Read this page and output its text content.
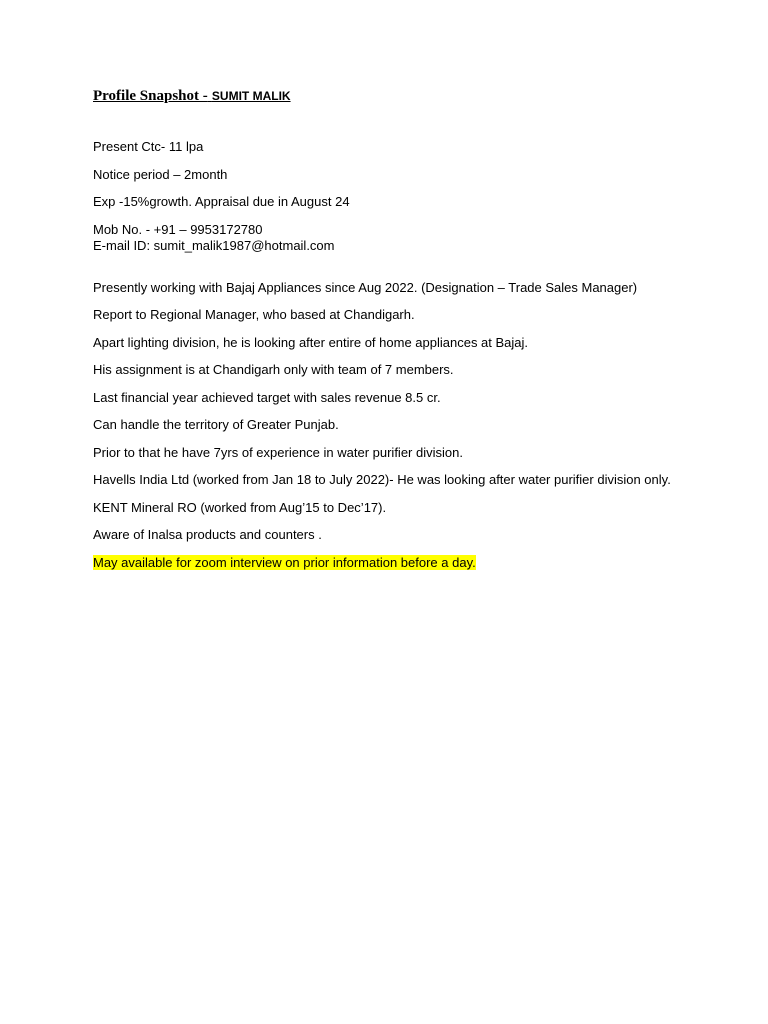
Profile Snapshot - SUMIT MALIK

Present Ctc- 11 lpa

Notice period – 2month

Exp -15%growth. Appraisal due in August 24

Mob No. - +91 – 9953172780

E-mail ID: sumit_malik1987@hotmail.com

Presently working with Bajaj Appliances since Aug 2022. (Designation – Trade Sales Manager)

Report to Regional Manager, who based at Chandigarh.

Apart lighting division, he is looking after entire of home appliances at Bajaj.

His assignment is at Chandigarh only with team of 7 members.

Last financial year achieved target with sales revenue 8.5 cr.

Can handle the territory of Greater Punjab.

Prior to that he have 7yrs of experience in water purifier division.

Havells India Ltd (worked from Jan 18 to July 2022)- He was looking after water purifier division only.

KENT Mineral RO (worked from Aug’15 to Dec’17).

Aware of Inalsa products and counters .

May available for zoom interview on prior information before a day.
